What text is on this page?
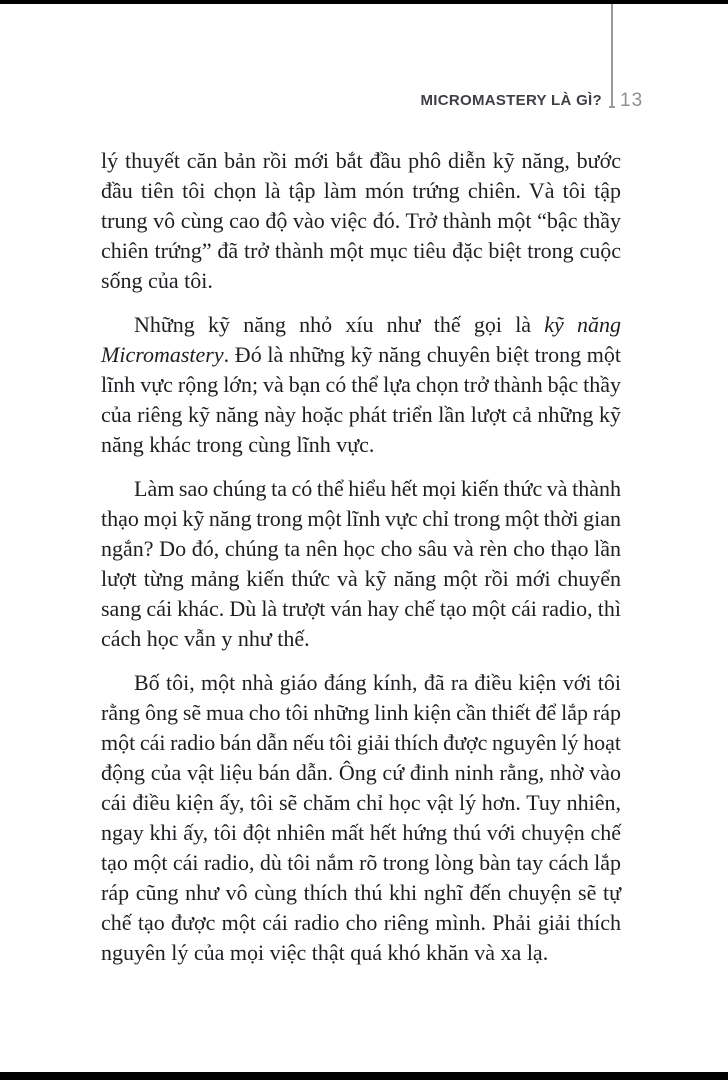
MICROMASTERY LÀ GÌ? 13
lý thuyết căn bản rồi mới bắt đầu phô diễn kỹ năng, bước
đầu tiên tôi chọn là tập làm món trứng chiên. Và tôi tập
trung vô cùng cao độ vào việc đó. Trở thành một “bậc thầy
chiên trứng” đã trở thành một mục tiêu đặc biệt trong cuộc
sống của tôi.
Những kỹ năng nhỏ xíu như thế gọi là kỹ năng
Micromastery. Đó là những kỹ năng chuyên biệt trong một
lĩnh vực rộng lớn; và bạn có thể lựa chọn trở thành bậc thầy
của riêng kỹ năng này hoặc phát triển lần lượt cả những kỹ
năng khác trong cùng lĩnh vực.
Làm sao chúng ta có thể hiểu hết mọi kiến thức và thành
thạo mọi kỹ năng trong một lĩnh vực chỉ trong một thời gian
ngắn? Do đó, chúng ta nên học cho sâu và rèn cho thạo lần
lượt từng mảng kiến thức và kỹ năng một rồi mới chuyển
sang cái khác. Dù là trượt ván hay chế tạo một cái radio, thì
cách học vẫn y như thế.
Bố tôi, một nhà giáo đáng kính, đã ra điều kiện với tôi
rằng ông sẽ mua cho tôi những linh kiện cần thiết để lắp ráp
một cái radio bán dẫn nếu tôi giải thích được nguyên lý hoạt
động của vật liệu bán dẫn. Ông cứ đinh ninh rằng, nhờ vào
cái điều kiện ấy, tôi sẽ chăm chỉ học vật lý hơn. Tuy nhiên,
ngay khi ấy, tôi đột nhiên mất hết hứng thú với chuyện chế
tạo một cái radio, dù tôi nắm rõ trong lòng bàn tay cách lắp
ráp cũng như vô cùng thích thú khi nghĩ đến chuyện sẽ tự
chế tạo được một cái radio cho riêng mình. Phải giải thích
nguyên lý của mọi việc thật quá khó khăn và xa lạ.
